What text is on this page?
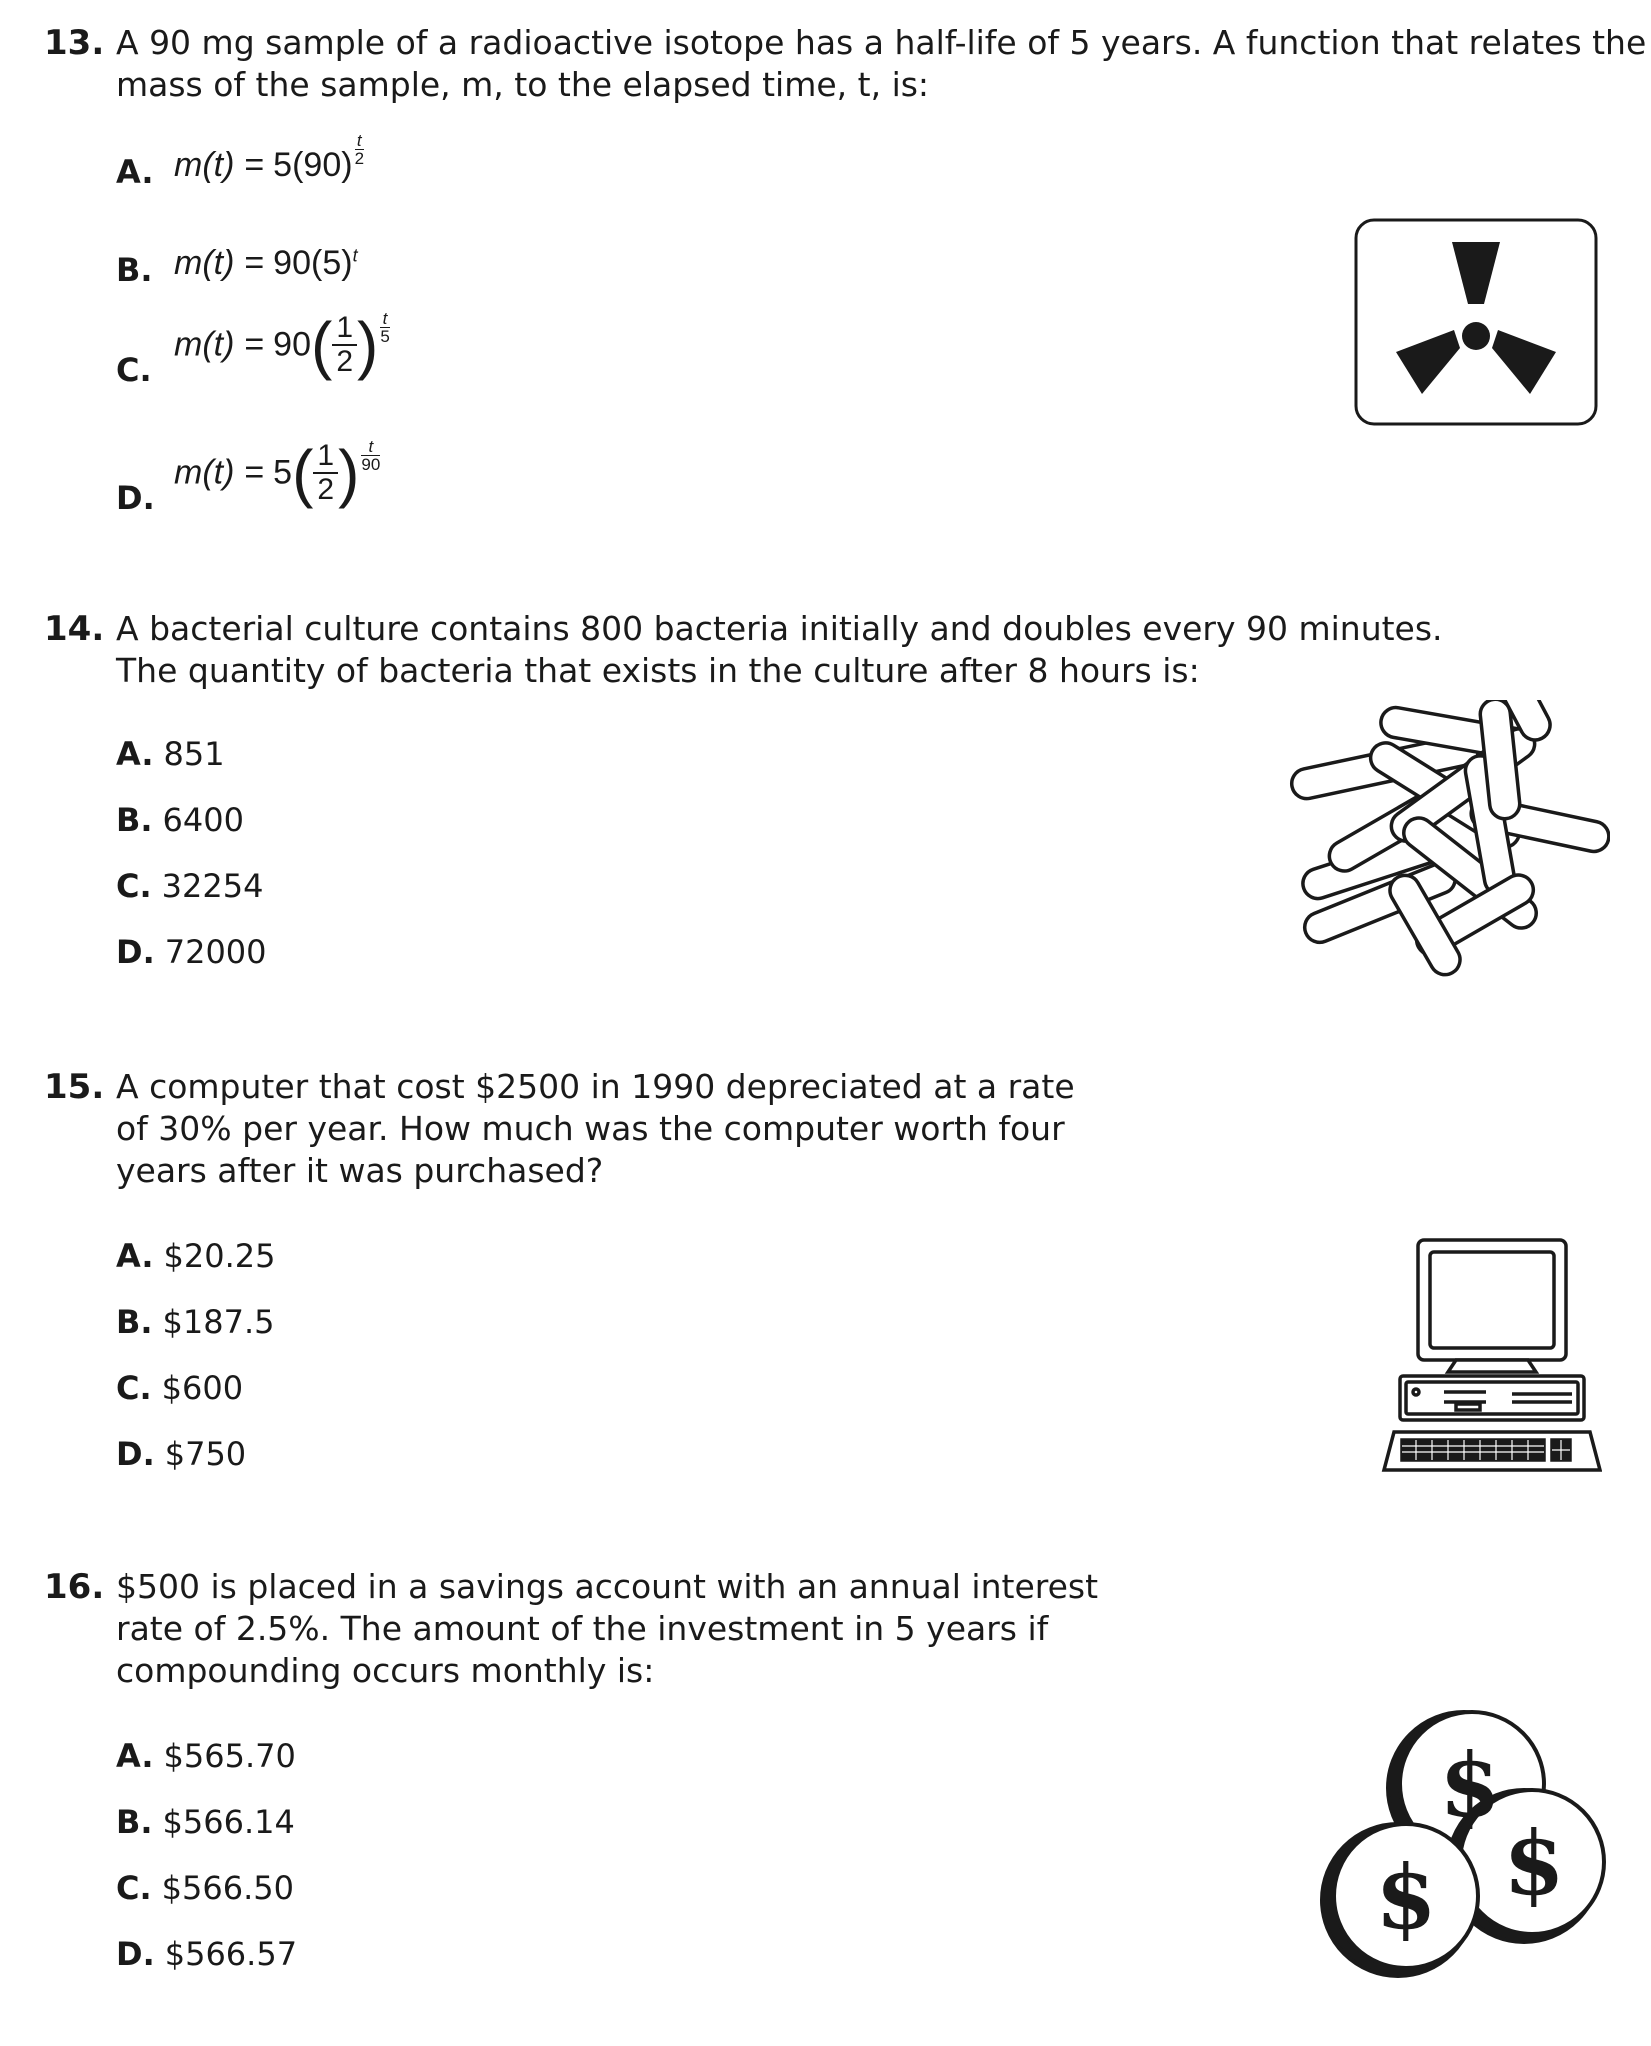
13. A 90 mg sample of a radioactive isotope has a half-life of 5 years. A function that relates the
mass of the sample, m, to the elapsed time, t, is:
A. $m(t) = 5(90) \frac{t}{2}$
B. $m(t) = 90(5)^t$
C.
$m(t) = 90( \frac{1}{2}$ ) $\frac{t}{5}$
D.
$m(t) = 5( \frac{1}{2}$ ) $\frac{t}{90}$
14. A bacterial culture contains 800 bacteria initially and doubles every 90 minutes.
The quantity of bacteria that exists in the culture after 8 hours is:
A. 851
B. 6400
C. 32254
D. 72000
15. A computer that cost $2500 in 1990 depreciated at a rate
of 30% per year. How much was the computer worth four
years after it was purchased?
A. $20.25
B. $187.5
C. $600
D. $750
16. $500 is placed in a savings account with an annual interest
rate of 2.5%. The amount of the investment in 5 years if
compounding occurs monthly is:
A. $565.70
B. $566.14
C. $566.50
D. $566.57
$
$
$
